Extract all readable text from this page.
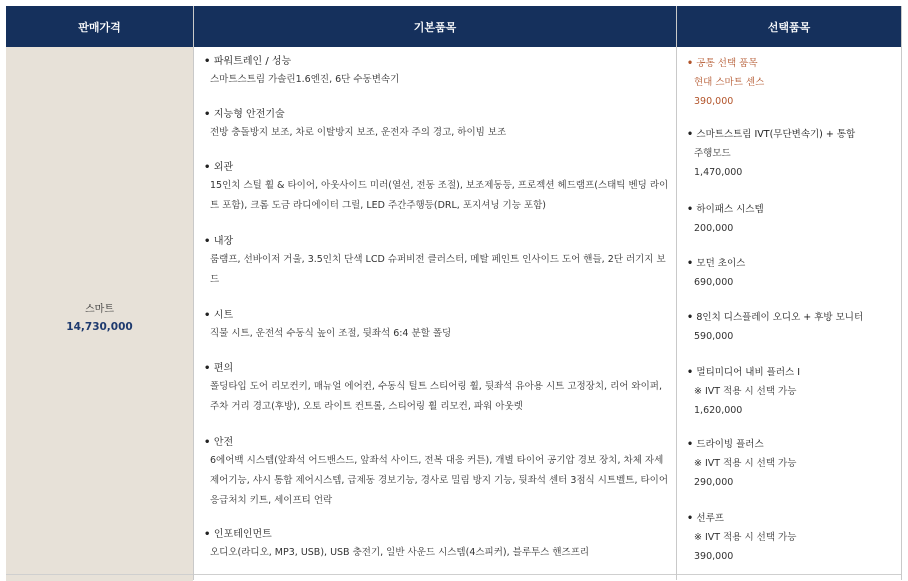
판매가격	기본품목	선택품목
스마트
14,730,000
• 파워트레인 / 성능
스마트스트림 가솔린1.6엔진, 6단 수동변속기
• 지능형 안전기술
전방 충돌방지 보조, 차로 이탈방지 보조, 운전자 주의 경고, 하이빔 보조
• 외관
15인치 스틸 휠 & 타이어, 아웃사이드 미러(열선, 전동 조절), 보조제동등, 프로젝션 헤드램프(스태틱 벤딩 라이트 포함), 크롬 도금 라디에이터 그릴, LED 주간주행등(DRL, 포지셔닝 기능 포함)
• 내장
룸램프, 선바이저 거울, 3.5인치 단색 LCD 슈퍼비전 클러스터, 메탈 페인트 인사이드 도어 핸들, 2단 러기지 보드
• 시트
직물 시트, 운전석 수동식 높이 조절, 뒷좌석 6:4 분할 폴딩
• 편의
폴딩타입 도어 리모컨키, 매뉴얼 에어컨, 수동식 틸트 스티어링 휠, 뒷좌석 유아용 시트 고정장치, 리어 와이퍼, 주차 거리 경고(후방), 오토 라이트 컨트롤, 스티어링 휠 리모컨, 파워 아웃렛
• 안전
6에어백 시스템(앞좌석 어드밴스드, 앞좌석 사이드, 전복 대응 커튼), 개별 타이어 공기압 경보 장치, 차체 자세 제어기능, 샤시 통합 제어시스템, 급제동 경보기능, 경사로 밀림 방지 기능, 뒷좌석 센터 3점식 시트벨트, 타이어 응급처치 키트, 세이프티 언락
• 인포테인먼트
오디오(라디오, MP3, USB), USB 충전기, 일반 사운드 시스템(4스피커), 블루투스 핸즈프리
• 공통 선택 품목
현대 스마트 센스
390,000
• 스마트스트림 IVT(무단변속기) + 통합
주행모드
1,470,000
• 하이패스 시스템
200,000
• 모던 초이스
690,000
• 8인치 디스플레이 오디오 + 후방 모니터
590,000
• 멀티미디어 내비 플러스 I
※ IVT 적용 시 선택 가능
1,620,000
• 드라이빙 플러스
※ IVT 적용 시 선택 가능
290,000
• 선루프
※ IVT 적용 시 선택 가능
390,000
